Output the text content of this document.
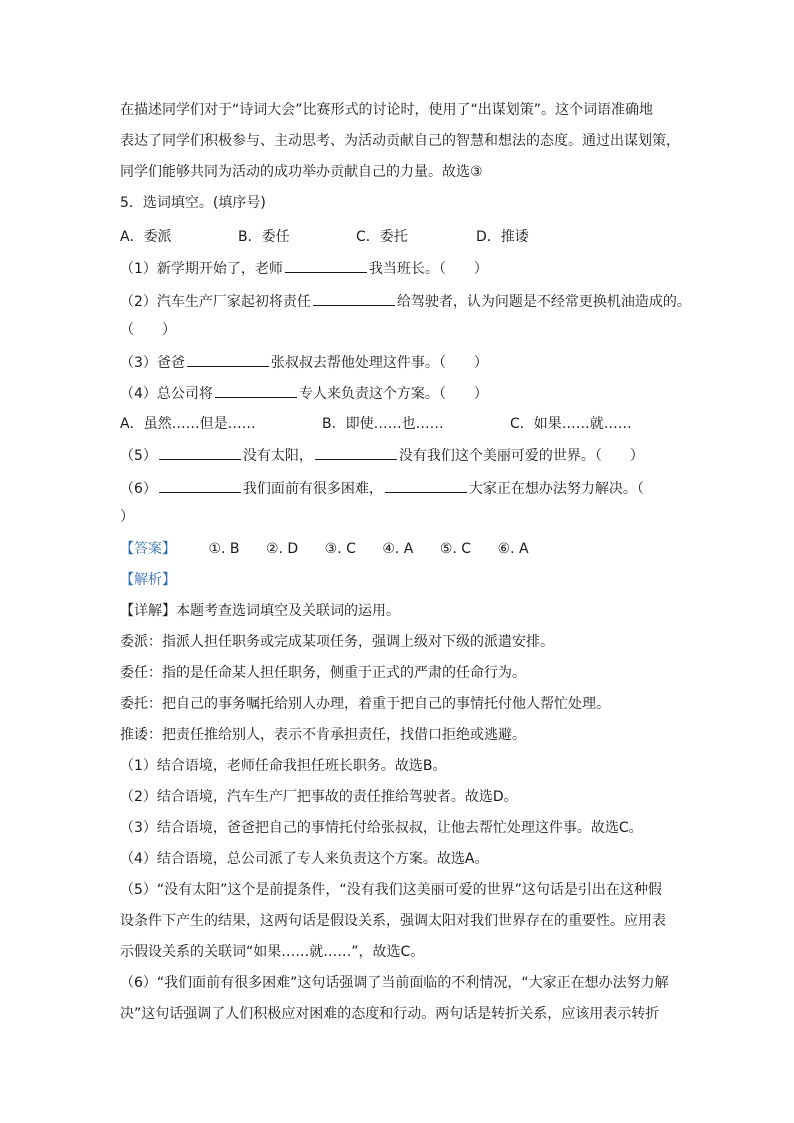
在描述同学们对于“诗词大会”比赛形式的讨论时，使用了“出谋划策”。这个词语准确地
表达了同学们积极参与、主动思考、为活动贡献自己的智慧和想法的态度。通过出谋划策，
同学们能够共同为活动的成功举办贡献自己的力量。故选③
5．选词填空。(填序号)
A．委派	B．委任	C．委托	D．推诿
（1）新学期开始了，老师	我当班长。（　　）
（2）汽车生产厂家起初将责任	给驾驶者，认为问题是不经常更换机油造成的。
（　　）
（3）爸爸	张叔叔去帮他处理这件事。（　　）
（4）总公司将	专人来负责这个方案。（　　）
A．虽然……但是……	B．即使……也……	C．如果……就……
（5）	没有太阳，	没有我们这个美丽可爱的世界。（　　）
（6）	我们面前有很多困难，	大家正在想办法努力解决。（
）
【答案】 ①. B ②. D ③. C ④. A ⑤. C ⑥. A
【解析】
【详解】本题考查选词填空及关联词的运用。
委派：指派人担任职务或完成某项任务，强调上级对下级的派遣安排。
委任：指的是任命某人担任职务，侧重于正式的严肃的任命行为。
委托：把自己的事务嘱托给别人办理，着重于把自己的事情托付他人帮忙处理。
推诿：把责任推给别人，表示不肯承担责任，找借口拒绝或逃避。
（1）结合语境，老师任命我担任班长职务。故选B。
（2）结合语境，汽车生产厂把事故的责任推给驾驶者。故选D。
（3）结合语境，爸爸把自己的事情托付给张叔叔，让他去帮忙处理这件事。故选C。
（4）结合语境，总公司派了专人来负责这个方案。故选A。
（5）“没有太阳”这个是前提条件，“没有我们这美丽可爱的世界”这句话是引出在这种假
设条件下产生的结果，这两句话是假设关系，强调太阳对我们世界存在的重要性。应用表
示假设关系的关联词“如果……就……”，故选C。
（6）“我们面前有很多困难”这句话强调了当前面临的不利情况，“大家正在想办法努力解
决”这句话强调了人们积极应对困难的态度和行动。两句话是转折关系，应该用表示转折
